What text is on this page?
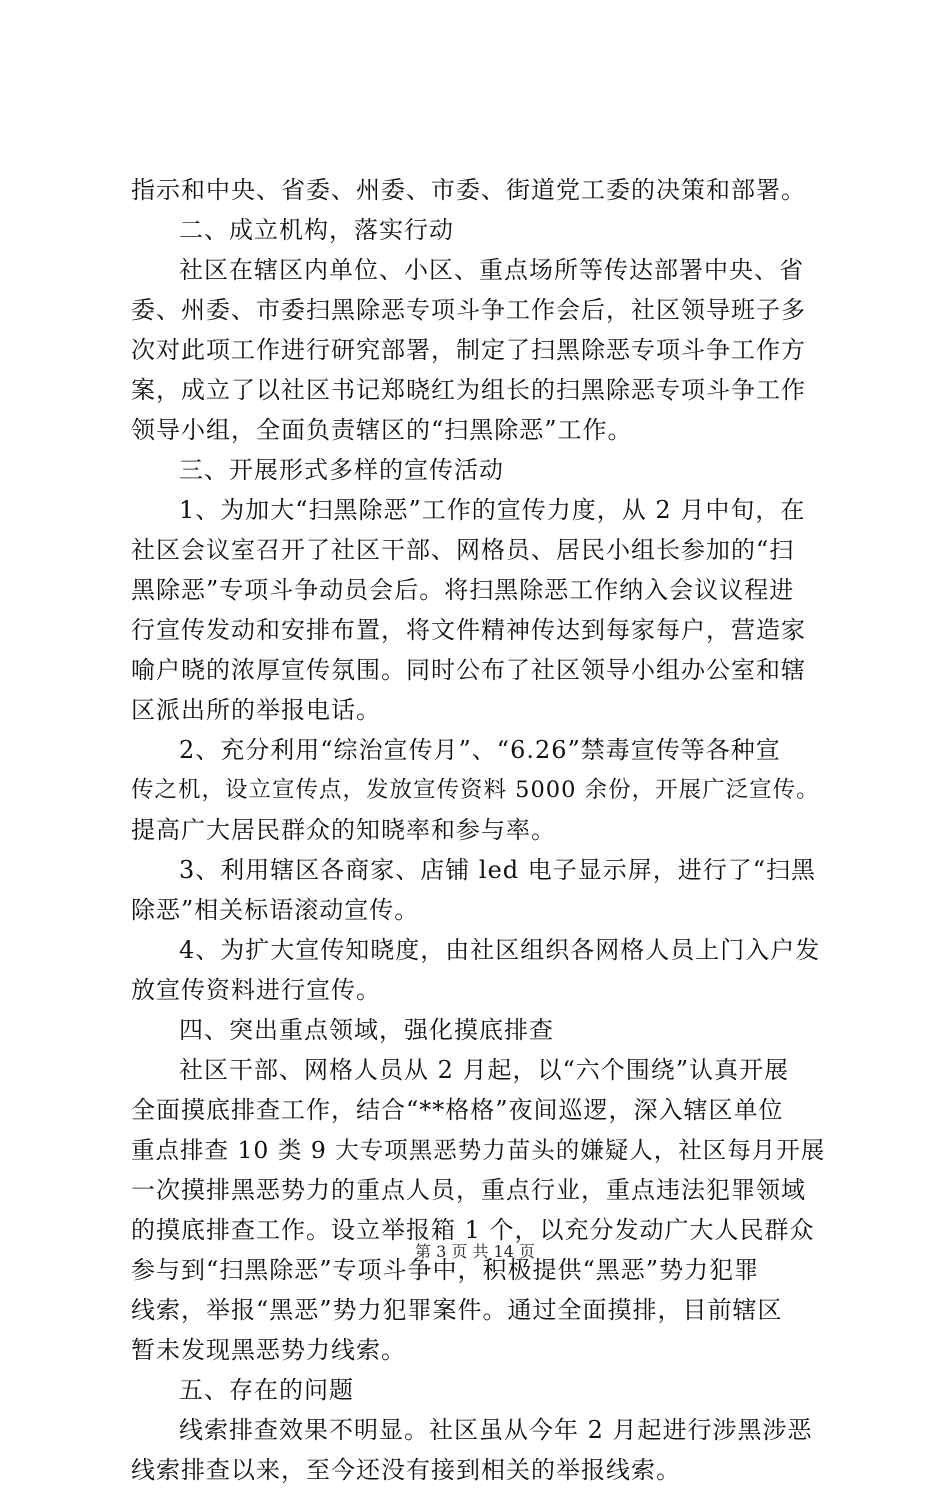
指示和中央、省委、州委、市委、街道党工委的决策和部署。
二、成立机构，落实行动
社区在辖区内单位、小区、重点场所等传达部署中央、省
委、州委、市委扫黑除恶专项斗争工作会后，社区领导班子多
次对此项工作进行研究部署，制定了扫黑除恶专项斗争工作方
案，成立了以社区书记郑晓红为组长的扫黑除恶专项斗争工作
领导小组，全面负责辖区的“扫黑除恶”工作。
三、开展形式多样的宣传活动
1、为加大“扫黑除恶”工作的宣传力度，从 2 月中旬，在
社区会议室召开了社区干部、网格员、居民小组长参加的“扫
黑除恶”专项斗争动员会后。将扫黑除恶工作纳入会议议程进
行宣传发动和安排布置，将文件精神传达到每家每户，营造家
喻户晓的浓厚宣传氛围。同时公布了社区领导小组办公室和辖
区派出所的举报电话。
2、充分利用“综治宣传月”、“6.26”禁毒宣传等各种宣
传之机，设立宣传点，发放宣传资料 5000 余份，开展广泛宣传。
提高广大居民群众的知晓率和参与率。
3、利用辖区各商家、店铺 led 电子显示屏，进行了“扫黑
除恶”相关标语滚动宣传。
4、为扩大宣传知晓度，由社区组织各网格人员上门入户发
放宣传资料进行宣传。
四、突出重点领域，强化摸底排查
社区干部、网格人员从 2 月起，以“六个围绕”认真开展
全面摸底排查工作，结合“**格格”夜间巡逻，深入辖区单位
重点排查 10 类 9 大专项黑恶势力苗头的嫌疑人，社区每月开展
一次摸排黑恶势力的重点人员，重点行业，重点违法犯罪领域
的摸底排查工作。设立举报箱 1 个，以充分发动广大人民群众
参与到“扫黑除恶”专项斗争中，积极提供“黑恶”势力犯罪
线索，举报“黑恶”势力犯罪案件。通过全面摸排，目前辖区
暂未发现黑恶势力线索。
五、存在的问题
线索排查效果不明显。社区虽从今年 2 月起进行涉黑涉恶
线索排查以来，至今还没有接到相关的举报线索。
第 3 页 共 14 页
